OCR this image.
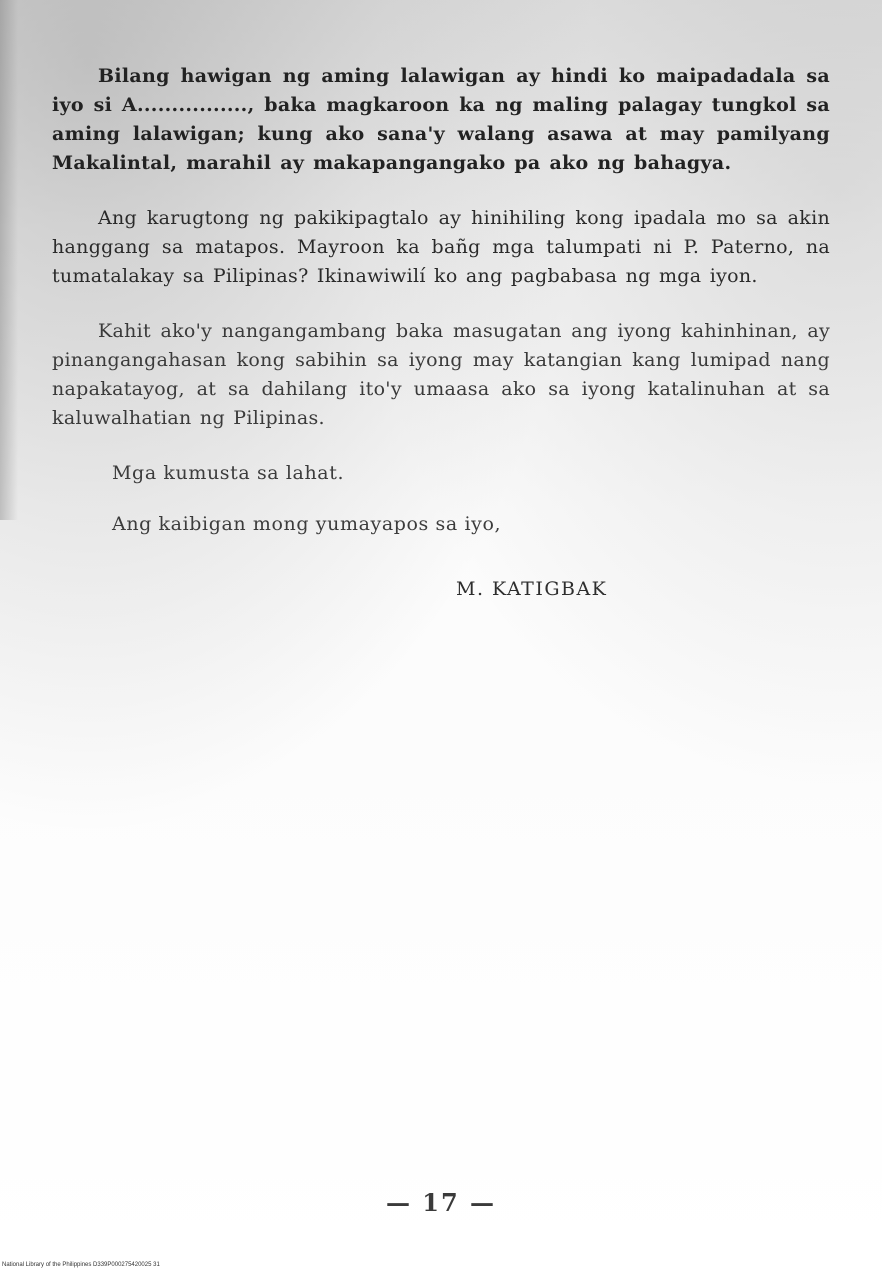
Bilang hawigan ng aming lalawigan ay hindi ko maipadadala sa iyo si A................, baka magkaroon ka ng maling palagay tungkol sa aming lalawigan; kung ako sana'y walang asawa at may pamilyang Makalintal, marahil ay makapangangako pa ako ng bahagya.

Ang karugtong ng pakikipagtalo ay hinihiling kong ipadala mo sa akin hanggang sa matapos. Mayroon ka bañg mga talumpati ni P. Paterno, na tumatalakay sa Pilipinas? Ikinawiwilí ko ang pagbabasa ng mga iyon.

Kahit ako'y nangangambang baka masugatan ang iyong kahinhinan, ay pinangangahasan kong sabihin sa iyong may katangian kang lumipad nang napakatayog, at sa dahilang ito'y umaasa ako sa iyong katalinuhan at sa kaluwalhatian ng Pilipinas.

Mga kumusta sa lahat.

Ang kaibigan mong yumayapos sa iyo,

M. KATIGBAK
— 17 —
National Library of the Philippines D339P000275420025 31
